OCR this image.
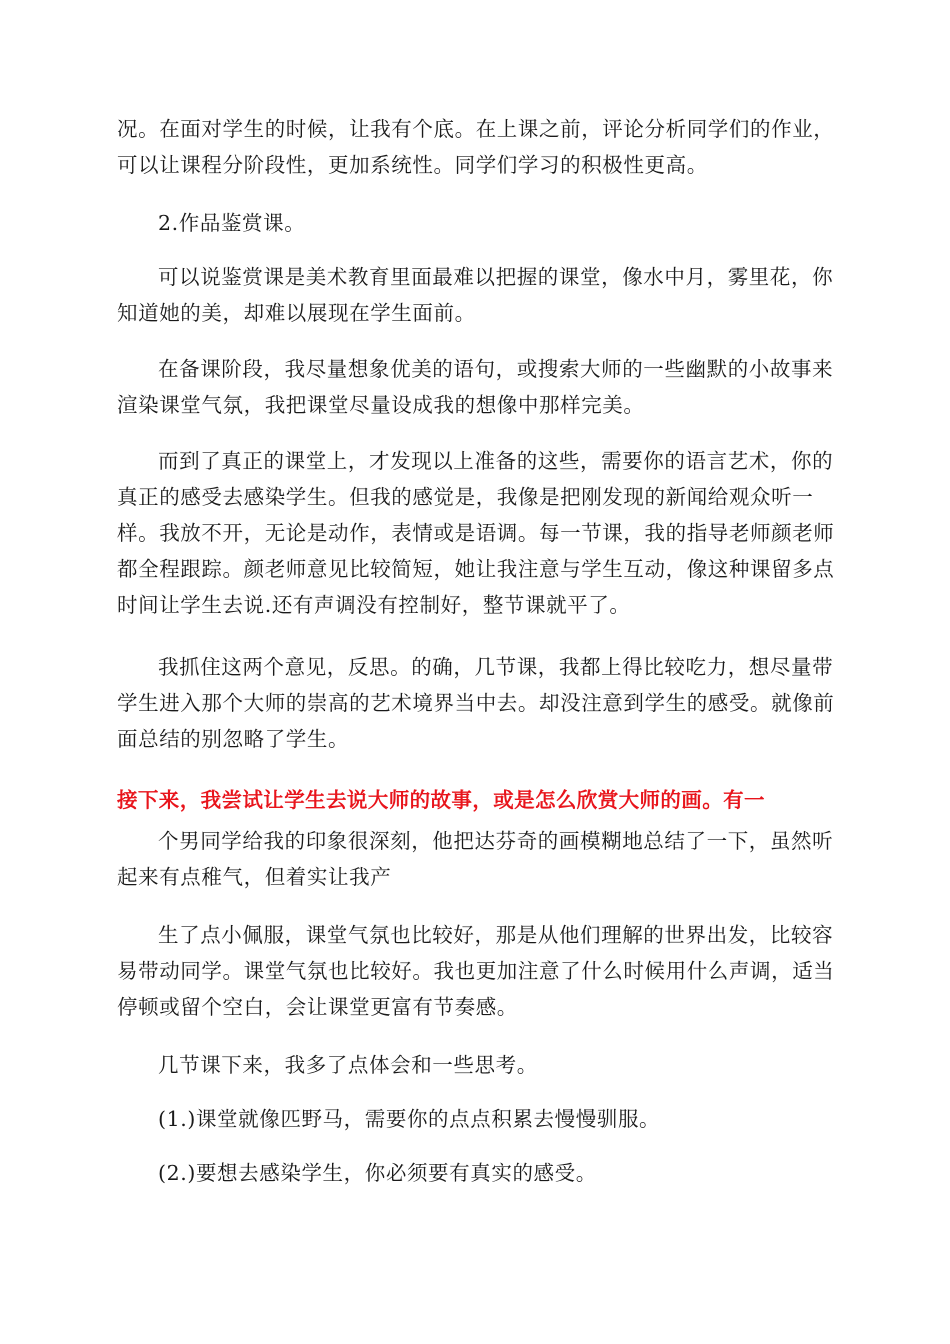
况。在面对学生的时候，让我有个底。在上课之前，评论分析同学们的作业，可以让课程分阶段性，更加系统性。同学们学习的积极性更高。

2.作品鉴赏课。

可以说鉴赏课是美术教育里面最难以把握的课堂，像水中月，雾里花，你知道她的美，却难以展现在学生面前。

在备课阶段，我尽量想象优美的语句，或搜索大师的一些幽默的小故事来渲染课堂气氛，我把课堂尽量设成我的想像中那样完美。

而到了真正的课堂上，才发现以上准备的这些，需要你的语言艺术，你的真正的感受去感染学生。但我的感觉是，我像是把刚发现的新闻给观众听一样。我放不开，无论是动作，表情或是语调。每一节课，我的指导老师颜老师都全程跟踪。颜老师意见比较简短，她让我注意与学生互动，像这种课留多点时间让学生去说.还有声调没有控制好，整节课就平了。

我抓住这两个意见，反思。的确，几节课，我都上得比较吃力，想尽量带学生进入那个大师的崇高的艺术境界当中去。却没注意到学生的感受。就像前面总结的别忽略了学生。

接下来，我尝试让学生去说大师的故事，或是怎么欣赏大师的画。有一

个男同学给我的印象很深刻，他把达芬奇的画模糊地总结了一下，虽然听起来有点稚气，但着实让我产

生了点小佩服，课堂气氛也比较好，那是从他们理解的世界出发，比较容易带动同学。课堂气氛也比较好。我也更加注意了什么时候用什么声调，适当停顿或留个空白，会让课堂更富有节奏感。

几节课下来，我多了点体会和一些思考。

(1.)课堂就像匹野马，需要你的点点积累去慢慢驯服。

(2.)要想去感染学生，你必须要有真实的感受。
